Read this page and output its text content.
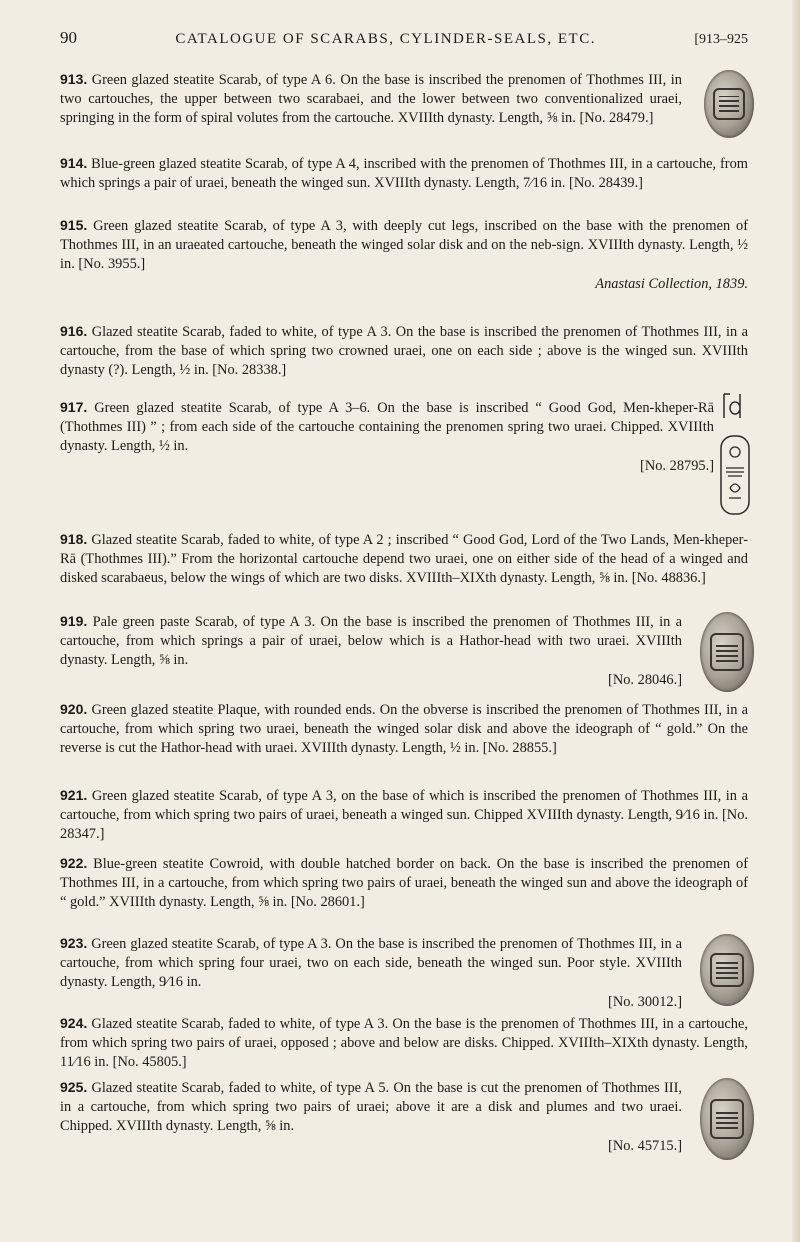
90	CATALOGUE OF SCARABS, CYLINDER-SEALS, ETC.	[913–925
913. Green glazed steatite Scarab, of type A 6. On the base is inscribed the prenomen of Thothmes III, in two cartouches, the upper between two scarabaei, and the lower between two conventionalized uraei, springing in the form of spiral volutes from the cartouche. XVIIIth dynasty. Length, ⅝ in. [No. 28479.]
914. Blue-green glazed steatite Scarab, of type A 4, inscribed with the prenomen of Thothmes III, in a cartouche, from which springs a pair of uraei, beneath the winged sun. XVIIIth dynasty. Length, 7⁄16 in. [No. 28439.]
915. Green glazed steatite Scarab, of type A 3, with deeply cut legs, inscribed on the base with the prenomen of Thothmes III, in an uraeated cartouche, beneath the winged solar disk and on the neb-sign. XVIIIth dynasty. Length, ½ in. [No. 3955.]
Anastasi Collection, 1839.
916. Glazed steatite Scarab, faded to white, of type A 3. On the base is inscribed the prenomen of Thothmes III, in a cartouche, from the base of which spring two crowned uraei, one on each side ; above is the winged sun. XVIIIth dynasty (?). Length, ½ in. [No. 28338.]
917. Green glazed steatite Scarab, of type A 3–6. On the base is inscribed “ Good God, Men-kheper-Rā (Thothmes III) ” ; from each side of the cartouche containing the prenomen spring two uraei. Chipped. XVIIIth dynasty. Length, ½ in.
[No. 28795.]
918. Glazed steatite Scarab, faded to white, of type A 2 ; inscribed “ Good God, Lord of the Two Lands, Men-kheper-Rā (Thothmes III).” From the horizontal cartouche depend two uraei, one on either side of the head of a winged and disked scarabaeus, below the wings of which are two disks. XVIIIth–XIXth dynasty. Length, ⅝ in. [No. 48836.]
919. Pale green paste Scarab, of type A 3. On the base is inscribed the prenomen of Thothmes III, in a cartouche, from which springs a pair of uraei, below which is a Hathor-head with two uraei. XVIIIth dynasty. Length, ⅝ in.
[No. 28046.]
920. Green glazed steatite Plaque, with rounded ends. On the obverse is inscribed the prenomen of Thothmes III, in a cartouche, from which spring two uraei, beneath the winged solar disk and above the ideograph of “ gold.” On the reverse is cut the Hathor-head with uraei. XVIIIth dynasty. Length, ½ in. [No. 28855.]
921. Green glazed steatite Scarab, of type A 3, on the base of which is inscribed the prenomen of Thothmes III, in a cartouche, from which spring two pairs of uraei, beneath a winged sun. Chipped XVIIIth dynasty. Length, 9⁄16 in. [No. 28347.]
922. Blue-green steatite Cowroid, with double hatched border on back. On the base is inscribed the prenomen of Thothmes III, in a cartouche, from which spring two pairs of uraei, beneath the winged sun and above the ideograph of “ gold.” XVIIIth dynasty. Length, ⅝ in. [No. 28601.]
923. Green glazed steatite Scarab, of type A 3. On the base is inscribed the prenomen of Thothmes III, in a cartouche, from which spring four uraei, two on each side, beneath the winged sun. Poor style. XVIIIth dynasty. Length, 9⁄16 in.
[No. 30012.]
924. Glazed steatite Scarab, faded to white, of type A 3. On the base is the prenomen of Thothmes III, in a cartouche, from which spring two pairs of uraei, opposed ; above and below are disks. Chipped. XVIIIth–XIXth dynasty. Length, 11⁄16 in. [No. 45805.]
925. Glazed steatite Scarab, faded to white, of type A 5. On the base is cut the prenomen of Thothmes III, in a cartouche, from which spring two pairs of uraei; above it are a disk and plumes and two uraei. Chipped. XVIIIth dynasty. Length, ⅝ in.
[No. 45715.]
